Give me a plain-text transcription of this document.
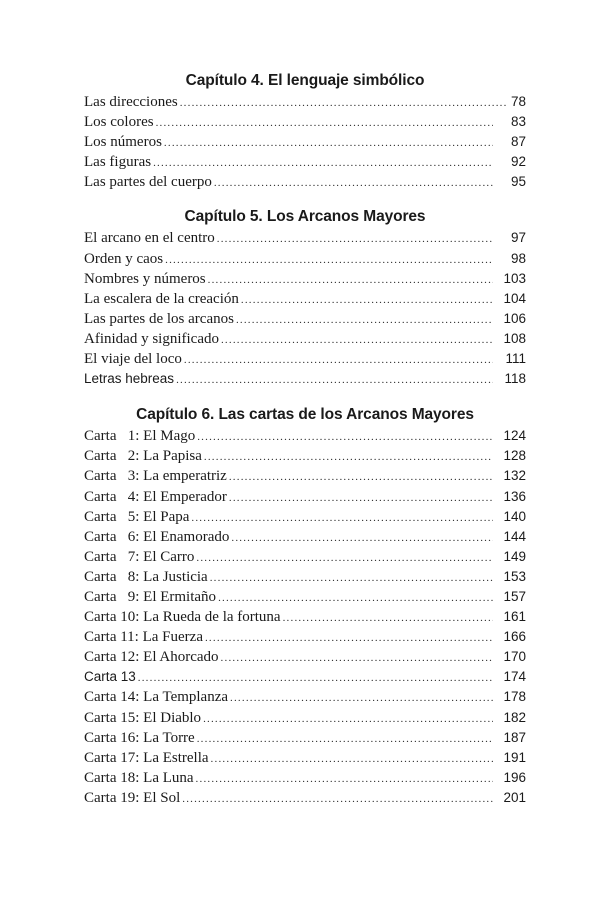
Capítulo 4. El lenguaje simbólico
Las direcciones .....	78
Los colores .....	83
Los números .....	87
Las figuras .....	92
Las partes del cuerpo .....	95
Capítulo 5. Los Arcanos Mayores
El arcano en el centro .....	97
Orden y caos .....	98
Nombres y números .....	103
La escalera de la creación .....	104
Las partes de los arcanos .....	106
Afinidad y significado .....	108
El viaje del loco .....	111
Letras hebreas .....	118
Capítulo 6. Las cartas de los Arcanos Mayores
Carta   1: El Mago .....	124
Carta   2: La Papisa .....	128
Carta   3: La emperatriz .....	132
Carta   4: El Emperador .....	136
Carta   5: El Papa .....	140
Carta   6: El Enamorado .....	144
Carta   7: El Carro .....	149
Carta   8: La Justicia .....	153
Carta   9: El Ermitaño .....	157
Carta 10: La Rueda de la fortuna .....	161
Carta 11: La Fuerza .....	166
Carta 12: El Ahorcado .....	170
Carta 13 .....	174
Carta 14: La Templanza .....	178
Carta 15: El Diablo .....	182
Carta 16: La Torre .....	187
Carta 17: La Estrella .....	191
Carta 18: La Luna .....	196
Carta 19: El Sol .....	201
